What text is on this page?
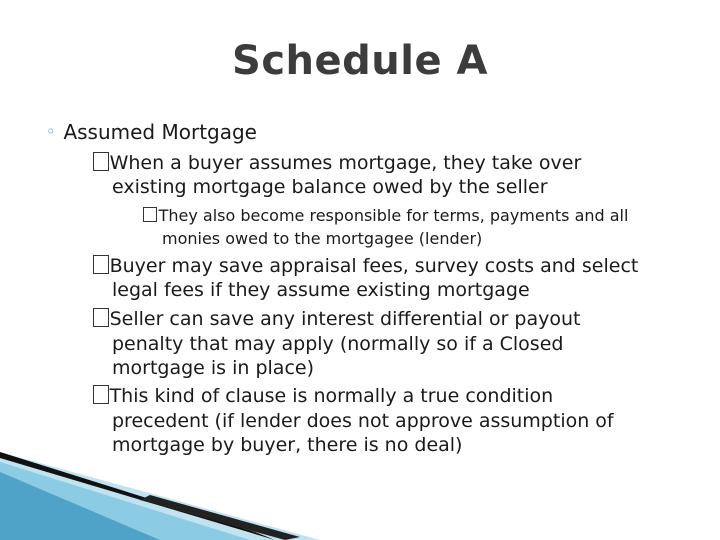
Schedule A
◦ Assumed Mortgage
When a buyer assumes mortgage, they take over
existing mortgage balance owed by the seller
They also become responsible for terms, payments and all
monies owed to the mortgagee (lender)
Buyer may save appraisal fees, survey costs and select
legal fees if they assume existing mortgage
Seller can save any interest differential or payout
penalty that may apply (normally so if a Closed
mortgage is in place)
This kind of clause is normally a true condition
precedent (if lender does not approve assumption of
mortgage by buyer, there is no deal)
